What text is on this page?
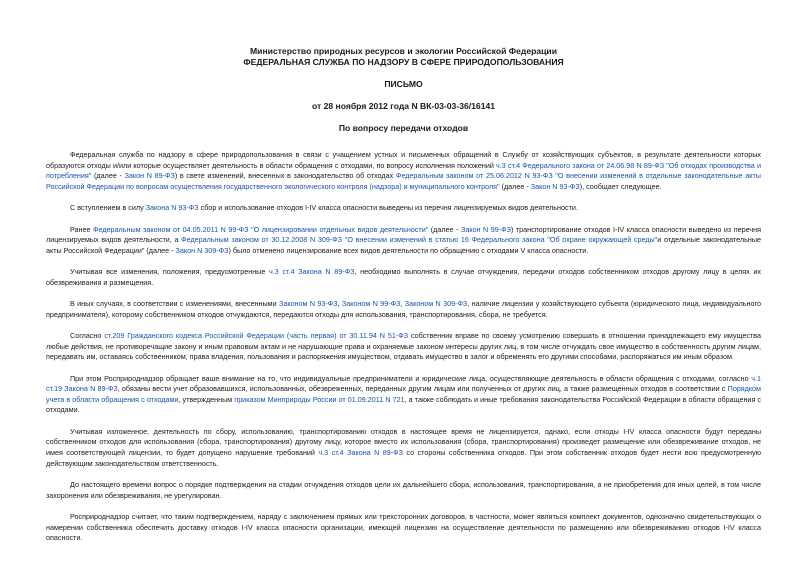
Министерство природных ресурсов и экологии Российской Федерации
ФЕДЕРАЛЬНАЯ СЛУЖБА ПО НАДЗОРУ В СФЕРЕ ПРИРОДОПОЛЬЗОВАНИЯ
ПИСЬМО
от 28 ноября 2012 года N ВК-03-03-36/16141
По вопросу передачи отходов

Федеральная служба по надзору в сфере природопользования в связи с учащением устных и письменных обращений в Службу от хозяйствующих субъектов, в результате деятельности которых образуются отходы и/или которые осуществляет деятельность в области обращения с отходами, по вопросу исполнения положений ч.3 ст.4 Федерального закона от 24.06.98 N 89-ФЗ "Об отходах производства и потребления" (далее - Закон N 89-ФЗ) в свете изменений, внесенных в законодательство об отходах Федеральным законом от 25.06.2012 N 93-ФЗ "О внесении изменений в отдельные законодательные акты Российской Федерации по вопросам осуществления государственного экологического контроля (надзора) и муниципального контроля" (далее - Закон N 93-ФЗ), сообщает следующее.

С вступлением в силу Закона N 93-ФЗ сбор и использование отходов I-IV класса опасности выведены из перечня лицензируемых видов деятельности.

Ранее Федеральным законом от 04.05.2011 N 99-ФЗ "О лицензировании отдельных видов деятельности" (далее - Закон N 99-ФЗ) транспортирование отходов I-IV класса опасности выведено из перечня лицензируемых видов деятельности, а Федеральным законом от 30.12.2008 N 309-ФЗ "О внесении изменений в статью 16 Федерального закона "Об охране окружающей среды"и отдельные законодательные акты Российской Федерации" (далее - Закон N 309-ФЗ) было отменено лицензирование всех видов деятельности по обращению с отходами V класса опасности.

Учитывая все изменения, положения, предусмотренные ч.3 ст.4 Закона N 89-ФЗ, необходимо выполнять в случае отчуждения, передачи отходов собственником отходов другому лицу в целях их обезвреживания и размещения.

В иных случаях, в соответствии с изменениями, внесенными Законом N 93-ФЗ, Законом N 99-ФЗ, Законом N 309-ФЗ, наличие лицензии у хозяйствующего субъекта (юридического лица, индивидуального предпринимателя), которому собственником отходов отчуждаются, передаются отходы для использования, транспортирования, сбора, не требуется.

Согласно ст.209 Гражданского кодекса Российской Федерации (часть первая) от 30.11.94 N 51-ФЗ собственник вправе по своему усмотрению совершать в отношении принадлежащего ему имущества любые действия, не противоречащие закону и иным правовым актам и не нарушающие права и охраняемые законом интересы других лиц, в том числе отчуждать свое имущество в собственность другим лицам, передавать им, оставаясь собственником, права владения, пользования и распоряжения имуществом, отдавать имущество в залог и обременять его другими способами, распоряжаться им иным образом.

При этом Росприроднадзор обращает ваше внимание на то, что индивидуальные предприниматели и юридические лица, осуществляющие деятельность в области обращения с отходами, согласно ч.1 ст.19 Закона N 89-ФЗ, обязаны вести учет образовавшихся, использованных, обезвреженных, переданных другим лицам или полученных от других лиц, а также размещенных отходов в соответствии с Порядком учета в области обращения с отходами, утвержденным приказом Минприроды России от 01.09.2011 N 721, а также соблюдать и иные требования законодательства Российской Федерации в области обращения с отходами.

Учитывая изложенное, деятельность по сбору, использованию, транспортированию отходов в настоящее время не лицензируется, однако, если отходы I-IV класса опасности будут переданы собственником отходов для использования (сбора, транспортирования) другому лицу, которое вместо их использования (сбора, транспортирования) произведет размещение или обезвреживание отходов, не имея соответствующей лицензии, то будет допущено нарушение требований ч.3 ст.4 Закона N 89-ФЗ со стороны собственника отходов. При этом собственник отходов будет нести всю предусмотренную действующим законодательством ответственность.

До настоящего времени вопрос о порядке подтверждения на стадии отчуждения отходов цели их дальнейшего сбора, использования, транспортирования, а не приобретения для иных целей, в том числе захоронения или обезвреживания, не урегулирован.

Росприроднадзор считает, что таким подтверждением, наряду с заключением прямых или трехсторонних договоров, в частности, может являться комплект документов, однозначно свидетельствующих о намерении собственника обеспечить доставку отходов I-IV класса опасности организации, имеющей лицензию на осуществление деятельности по размещению или обезвреживанию отходов I-IV класса опасности.
